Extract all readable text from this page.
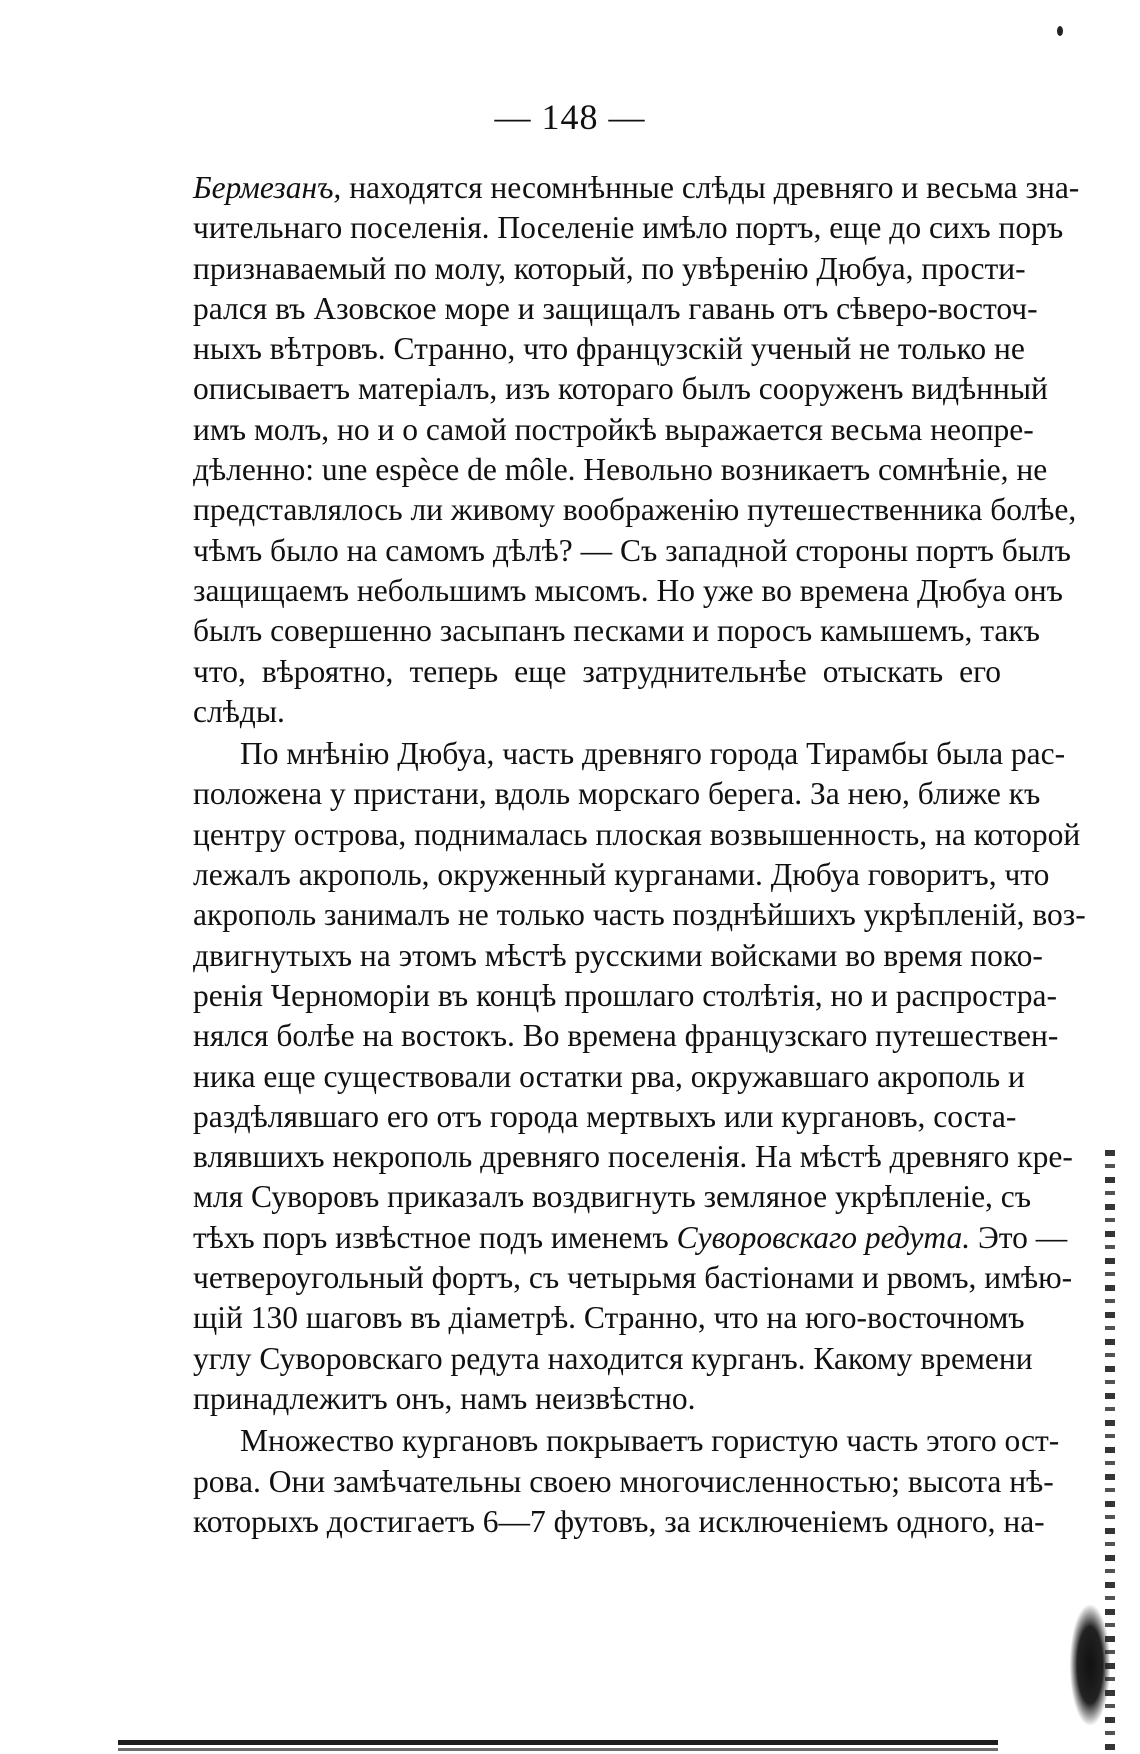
— 148 —

Бермезанъ, находятся несомнѣнные слѣды древняго и весьма зна-
чительнаго поселенія. Поселеніе имѣло портъ, еще до сихъ поръ
признаваемый по молу, который, по увѣренію Дюбуа, прости-
рался въ Азовское море и защищалъ гавань отъ сѣверо-восточ-
ныхъ вѣтровъ. Странно, что французскій ученый не только не
описываетъ матеріалъ, изъ котораго былъ сооруженъ видѣнный
имъ молъ, но и о самой постройкѣ выражается весьма неопре-
дѣленно: une espèce de môle. Невольно возникаетъ сомнѣніе, не
представлялось ли живому воображенію путешественника болѣе,
чѣмъ было на самомъ дѣлѣ? — Съ западной стороны портъ былъ
защищаемъ небольшимъ мысомъ. Но уже во времена Дюбуа онъ
былъ совершенно засыпанъ песками и поросъ камышемъ, такъ
что, вѣроятно, теперь еще затруднительнѣе отыскать его
слѣды.

По мнѣнію Дюбуа, часть древняго города Тирамбы была рас-
положена у пристани, вдоль морскаго берега. За нею, ближе къ
центру острова, поднималась плоская возвышенность, на которой
лежалъ акрополь, окруженный курганами. Дюбуа говоритъ, что
акрополь занималъ не только часть позднѣйшихъ укрѣпленій, воз-
двигнутыхъ на этомъ мѣстѣ русскими войсками во время поко-
ренія Черноморіи въ концѣ прошлаго столѣтія, но и распростра-
нялся болѣе на востокъ. Во времена французскаго путешествен-
ника еще существовали остатки рва, окружавшаго акрополь и
раздѣлявшаго его отъ города мертвыхъ или кургановъ, соста-
влявшихъ некрополь древняго поселенія. На мѣстѣ древняго кре-
мля Суворовъ приказалъ воздвигнуть земляное укрѣпленіе, съ
тѣхъ поръ извѣстное подъ именемъ Суворовскаго редута. Это —
четвероугольный фортъ, съ четырьмя бастіонами и рвомъ, имѣю-
щій 130 шаговъ въ діаметрѣ. Странно, что на юго-восточномъ
углу Суворовскаго редута находится курганъ. Какому времени
принадлежитъ онъ, намъ неизвѣстно.

Множество кургановъ покрываетъ гористую часть этого ост-
рова. Они замѣчательны своею многочисленностью; высота нѣ-
которыхъ достигаетъ 6—7 футовъ, за исключеніемъ одного, на-
